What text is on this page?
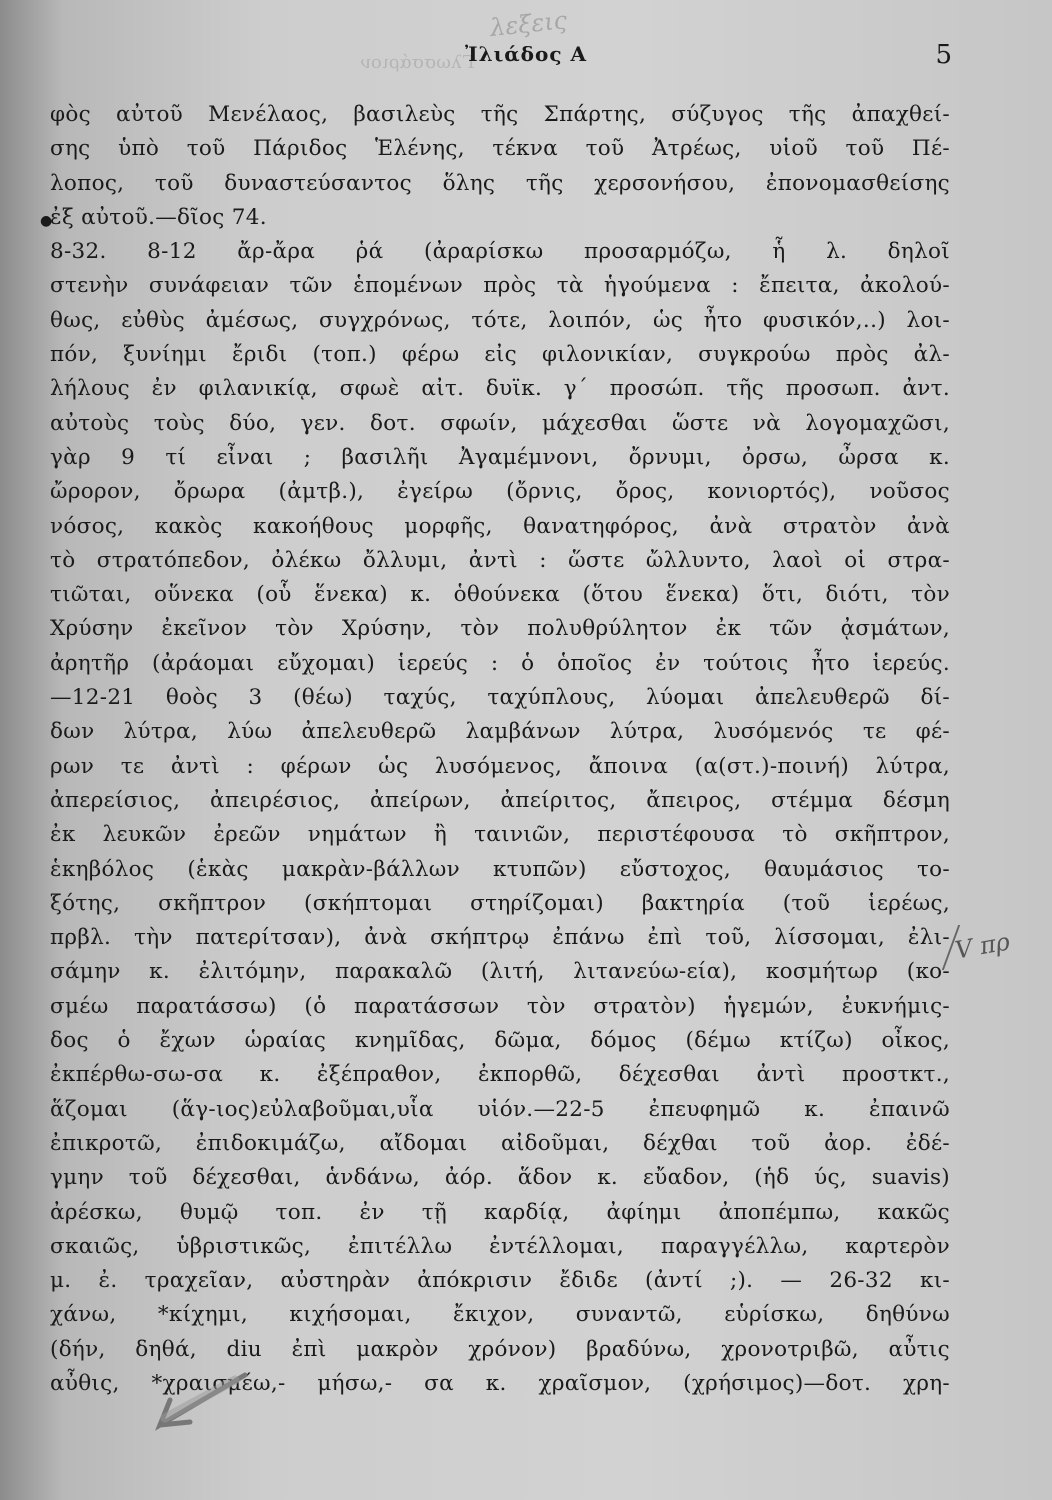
λεξεις
Γλωσσάριον
Ἰλιάδος Α	5
●
φὸς αὐτοῦ Μενέλαος, βασιλεὺς τῆς Σπάρτης, σύζυγος τῆς ἀπαχθεί-
σης ὑπὸ τοῦ Πάριδος Ἑλένης, τέκνα τοῦ Ἀτρέως, υἱοῦ τοῦ Πέ-
λοπος, τοῦ δυναστεύσαντος ὅλης τῆς χερσονήσου, ἐπονομασθείσης
ἐξ αὐτοῦ.—δῖος 74.
8-32. 8-12 ἄρ-ἄρα ῥά (ἀραρίσκω προσαρμόζω, ἧ λ. δηλοῖ
στενὴν συνάφειαν τῶν ἑπομένων πρὸς τὰ ἡγούμενα : ἔπειτα, ἀκολού-
θως, εὐθὺς ἀμέσως, συγχρόνως, τότε, λοιπόν, ὡς ἦτο φυσικόν,..) λοι-
πόν, ξυνίημι ἔριδι (τοπ.) φέρω εἰς φιλονικίαν, συγκρούω πρὸς ἀλ-
λήλους ἐν φιλανικίᾳ, σφωὲ αἰτ. δυϊκ. γ´ προσώπ. τῆς προσωπ. ἀντ.
αὐτοὺς τοὺς δύο, γεν. δοτ. σφωίν, μάχεσθαι ὥστε νὰ λογομαχῶσι,
γὰρ 9 τί εἶναι ; βασιλῆι Ἀγαμέμνονι, ὄρνυμι, ὀρσω, ὦρσα κ.
ὤρορον, ὄρωρα (ἀμτβ.), ἐγείρω (ὄρνις, ὄρος, κονιορτός), νοῦσος
νόσος, κακὸς κακοήθους μορφῆς, θανατηφόρος, ἀνὰ στρατὸν ἀνὰ
τὸ στρατόπεδον, ὀλέκω ὄλλυμι, ἀντὶ : ὥστε ὤλλυντο, λαοὶ οἱ στρα-
τιῶται, οὕνεκα (οὗ ἕνεκα) κ. ὁθούνεκα (ὅτου ἕνεκα) ὅτι, διότι, τὸν
Χρύσην ἐκεῖνον τὸν Χρύσην, τὸν πολυθρύλητον ἐκ τῶν ᾀσμάτων,
ἀρητῆρ (ἀράομαι εὔχομαι) ἱερεύς : ὁ ὁποῖος ἐν τούτοις ἦτο ἱερεύς.
—12-21 θοὸς 3 (θέω) ταχύς, ταχύπλους, λύομαι ἀπελευθερῶ δί-
δων λύτρα, λύω ἀπελευθερῶ λαμβάνων λύτρα, λυσόμενός τε φέ-
ρων τε ἀντὶ : φέρων ὡς λυσόμενος, ἄποινα (α(στ.)-ποινή) λύτρα,
ἀπερείσιος, ἀπειρέσιος, ἀπείρων, ἀπείριτος, ἄπειρος, στέμμα δέσμη
ἐκ λευκῶν ἐρεῶν νημάτων ἢ ταινιῶν, περιστέφουσα τὸ σκῆπτρον,
ἑκηβόλος (ἑκὰς μακρὰν-βάλλων κτυπῶν) εὔστοχος, θαυμάσιος το-
ξότης, σκῆπτρον (σκήπτομαι στηρίζομαι) βακτηρία (τοῦ ἱερέως,
πρβλ. τὴν πατερίτσαν), ἀνὰ σκήπτρῳ ἐπάνω ἐπὶ τοῦ, λίσσομαι, ἐλι-
σάμην κ. ἐλιτόμην, παρακαλῶ (λιτή, λιτανεύω-εία), κοσμήτωρ (κο-
σμέω παρατάσσω) (ὁ παρατάσσων τὸν στρατὸν) ἡγεμών, ἐυκνήμις-
δος ὁ ἔχων ὡραίας κνημῖδας, δῶμα, δόμος (δέμω κτίζω) οἶκος,
ἐκπέρθω-σω-σα κ. ἐξέπραθον, ἐκπορθῶ, δέχεσθαι ἀντὶ προστκτ.,
ἅζομαι (ἅγ-ιος)εὐλαβοῦμαι,υἷα υἱόν.—22-5 ἐπευφημῶ κ. ἐπαινῶ
ἐπικροτῶ, ἐπιδοκιμάζω, αἴδομαι αἰδοῦμαι, δέχθαι τοῦ ἀορ. ἐδέ-
γμην τοῦ δέχεσθαι, ἁνδάνω, ἀόρ. ἅδον κ. εὔαδον, (ἡδ ύς, suavis)
ἀρέσκω, θυμῷ τοπ. ἐν τῇ καρδίᾳ, ἀφίημι ἀποπέμπω, κακῶς
σκαιῶς, ὑβριστικῶς, ἐπιτέλλω ἐντέλλομαι, παραγγέλλω, καρτερὸν
μ. ἐ. τραχεῖαν, αὐστηρὰν ἀπόκρισιν ἔδιδε (ἀντί ;). — 26-32 κι-
χάνω, *κίχημι, κιχήσομαι, ἔκιχον, συναντῶ, εὑρίσκω, δηθύνω
(δήν, δηθά, diu ἐπὶ μακρὸν χρόνον) βραδύνω, χρονοτριβῶ, αὖτις
αὖθις, *χραισμέω,- μήσω,- σα κ. χραῖσμον, (χρήσιμος)—δοτ. χρη-
V πρ
